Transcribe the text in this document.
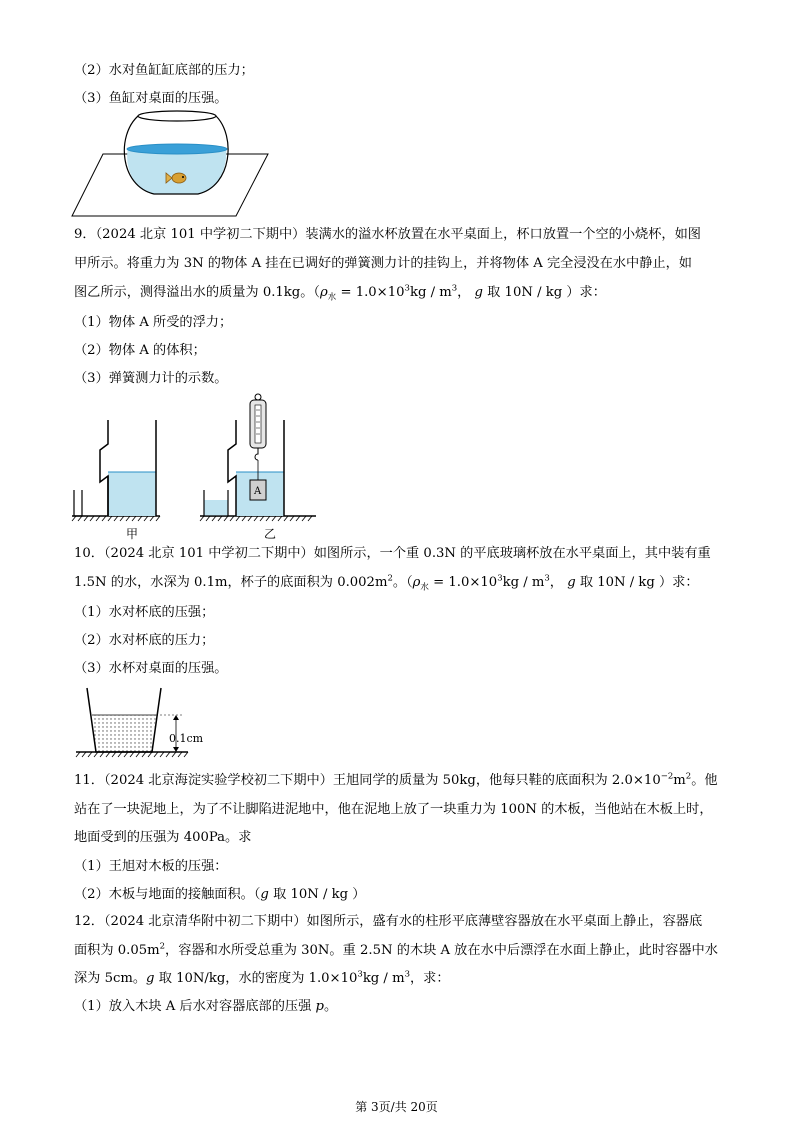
（2）水对鱼缸缸底部的压力；
（3）鱼缸对桌面的压强。
9．（2024 北京 101 中学初二下期中）装满水的溢水杯放置在水平桌面上，杯口放置一个空的小烧杯，如图
甲所示。将重力为 3N 的物体 A 挂在已调好的弹簧测力计的挂钩上，并将物体 A 完全浸没在水中静止，如
图乙所示，测得溢出水的质量为 0.1kg。（$\rho_水 = 1.0\times 10^3kg / m^3$， g 取 10N / kg ）求：
（1）物体 A 所受的浮力；
（2）物体 A 的体积；
（3）弹簧测力计的示数。
甲
A
乙
10．（2024 北京 101 中学初二下期中）如图所示，一个重 0.3N 的平底玻璃杯放在水平桌面上，其中装有重
1.5N 的水，水深为 0.1m，杯子的底面积为 $0.002m^2$。（$\rho_水 = 1.0\times 10^3kg / m^3$， g 取 10N / kg ）求：
（1）水对杯底的压强；
（2）水对杯底的压力；
（3）水杯对桌面的压强。
0.1cm
11．（2024 北京海淀实验学校初二下期中）王旭同学的质量为 50kg，他每只鞋的底面积为 $2.0\times 10^{-2}m^2$。他
站在了一块泥地上，为了不让脚陷进泥地中，他在泥地上放了一块重力为 100N 的木板，当他站在木板上时，
地面受到的压强为 400Pa。求
（1）王旭对木板的压强：
（2）木板与地面的接触面积。（g 取 10N / kg ）
12．（2024 北京清华附中初二下期中）如图所示，盛有水的柱形平底薄壁容器放在水平桌面上静止，容器底
面积为 $0.05m^2$，容器和水所受总重为 30N。重 2.5N 的木块 A 放在水中后漂浮在水面上静止，此时容器中水
深为 5cm。g 取 10N/kg，水的密度为 $1.0\times 10^3kg / m^3$，求：
（1）放入木块 A 后水对容器底部的压强 p。
第 3页/共 20页
